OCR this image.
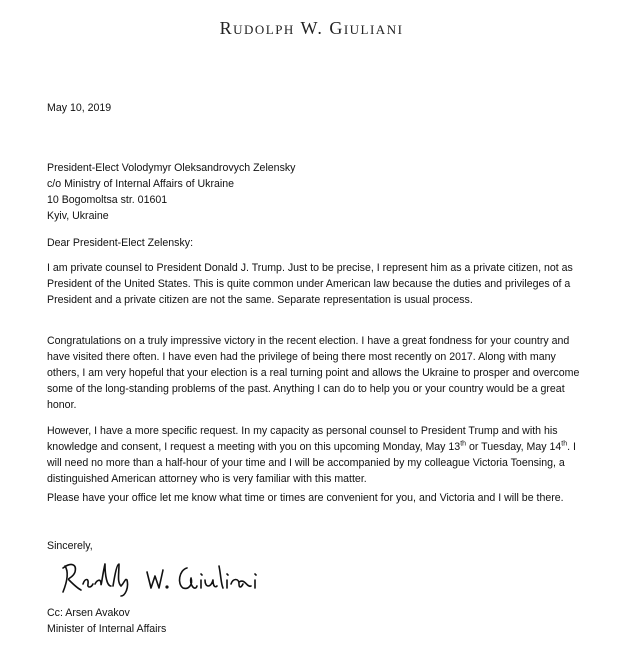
Rudolph W. Giuliani
May 10, 2019
President-Elect Volodymyr Oleksandrovych Zelensky
c/o Ministry of Internal Affairs of Ukraine
10 Bogomoltsa str. 01601
Kyiv, Ukraine
Dear President-Elect Zelensky:
I am private counsel to President Donald J. Trump. Just to be precise, I represent him as a private citizen, not as President of the United States. This is quite common under American law because the duties and privileges of a President and a private citizen are not the same. Separate representation is usual process.
Congratulations on a truly impressive victory in the recent election. I have a great fondness for your country and have visited there often. I have even had the privilege of being there most recently on 2017. Along with many others, I am very hopeful that your election is a real turning point and allows the Ukraine to prosper and overcome some of the long-standing problems of the past. Anything I can do to help you or your country would be a great honor.
However, I have a more specific request. In my capacity as personal counsel to President Trump and with his knowledge and consent, I request a meeting with you on this upcoming Monday, May 13th or Tuesday, May 14th. I will need no more than a half-hour of your time and I will be accompanied by my colleague Victoria Toensing, a distinguished American attorney who is very familiar with this matter.
Please have your office let me know what time or times are convenient for you, and Victoria and I will be there.
Sincerely,
Cc: Arsen Avakov
Minister of Internal Affairs
